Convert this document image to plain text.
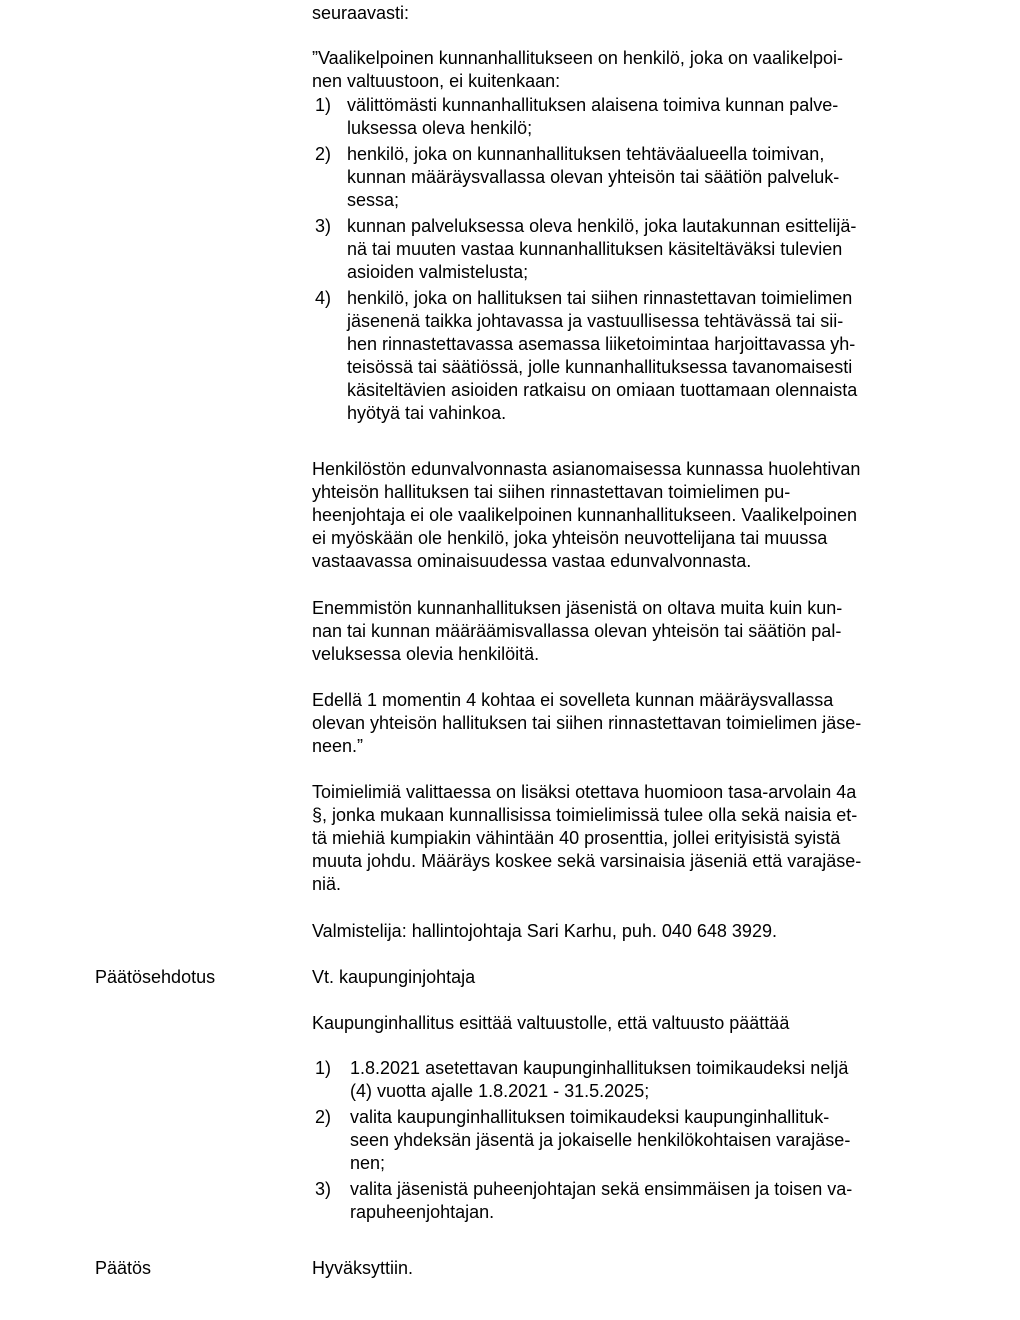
seuraavasti:

”Vaalikelpoinen kunnanhallitukseen on henkilö, joka on vaalikelpoi-

nen valtuustoon, ei kuitenkaan:

1) välittömästi kunnanhallituksen alaisena toimiva kunnan palve-
luksessa oleva henkilö;
2) henkilö, joka on kunnanhallituksen tehtäväalueella toimivan,
kunnan määräysvallassa olevan yhteisön tai säätiön palveluk-
sessa;
3) kunnan palveluksessa oleva henkilö, joka lautakunnan esittelijä-
nä tai muuten vastaa kunnanhallituksen käsiteltäväksi tulevien
asioiden valmistelusta;
4) henkilö, joka on hallituksen tai siihen rinnastettavan toimielimen
jäsenenä taikka johtavassa ja vastuullisessa tehtävässä tai sii-
hen rinnastettavassa asemassa liiketoimintaa harjoittavassa yh-
teisössä tai säätiössä, jolle kunnanhallituksessa tavanomaisesti
käsiteltävien asioiden ratkaisu on omiaan tuottamaan olennaista
hyötyä tai vahinkoa.

Henkilöstön edunvalvonnasta asianomaisessa kunnassa huolehtivan

yhteisön hallituksen tai siihen rinnastettavan toimielimen pu-

heenjohtaja ei ole vaalikelpoinen kunnanhallitukseen. Vaalikelpoinen

ei myöskään ole henkilö, joka yhteisön neuvottelijana tai muussa

vastaavassa ominaisuudessa vastaa edunvalvonnasta.

Enemmistön kunnanhallituksen jäsenistä on oltava muita kuin kun-

nan tai kunnan määräämisvallassa olevan yhteisön tai säätiön pal-

veluksessa olevia henkilöitä.

Edellä 1 momentin 4 kohtaa ei sovelleta kunnan määräysvallassa

olevan yhteisön hallituksen tai siihen rinnastettavan toimielimen jäse-

neen.”

Toimielimiä valittaessa on lisäksi otettava huomioon tasa-arvolain 4a

§, jonka mukaan kunnallisissa toimielimissä tulee olla sekä naisia et-

tä miehiä kumpiakin vähintään 40 prosenttia, jollei erityisistä syistä

muuta johdu. Määräys koskee sekä varsinaisia jäseniä että varajäse-

niä.

Valmistelija: hallintojohtaja Sari Karhu, puh. 040 648 3929.

Päätösehdotus	Vt. kaupunginjohtaja

Kaupunginhallitus esittää valtuustolle, että valtuusto päättää

1) 1.8.2021 asetettavan kaupunginhallituksen toimikaudeksi neljä
(4) vuotta ajalle 1.8.2021 - 31.5.2025;
2) valita kaupunginhallituksen toimikaudeksi kaupunginhallituk-
seen yhdeksän jäsentä ja jokaiselle henkilökohtaisen varajäse-
nen;
3) valita jäsenistä puheenjohtajan sekä ensimmäisen ja toisen va-
rapuheenjohtajan.
Päätös	Hyväksyttiin.
